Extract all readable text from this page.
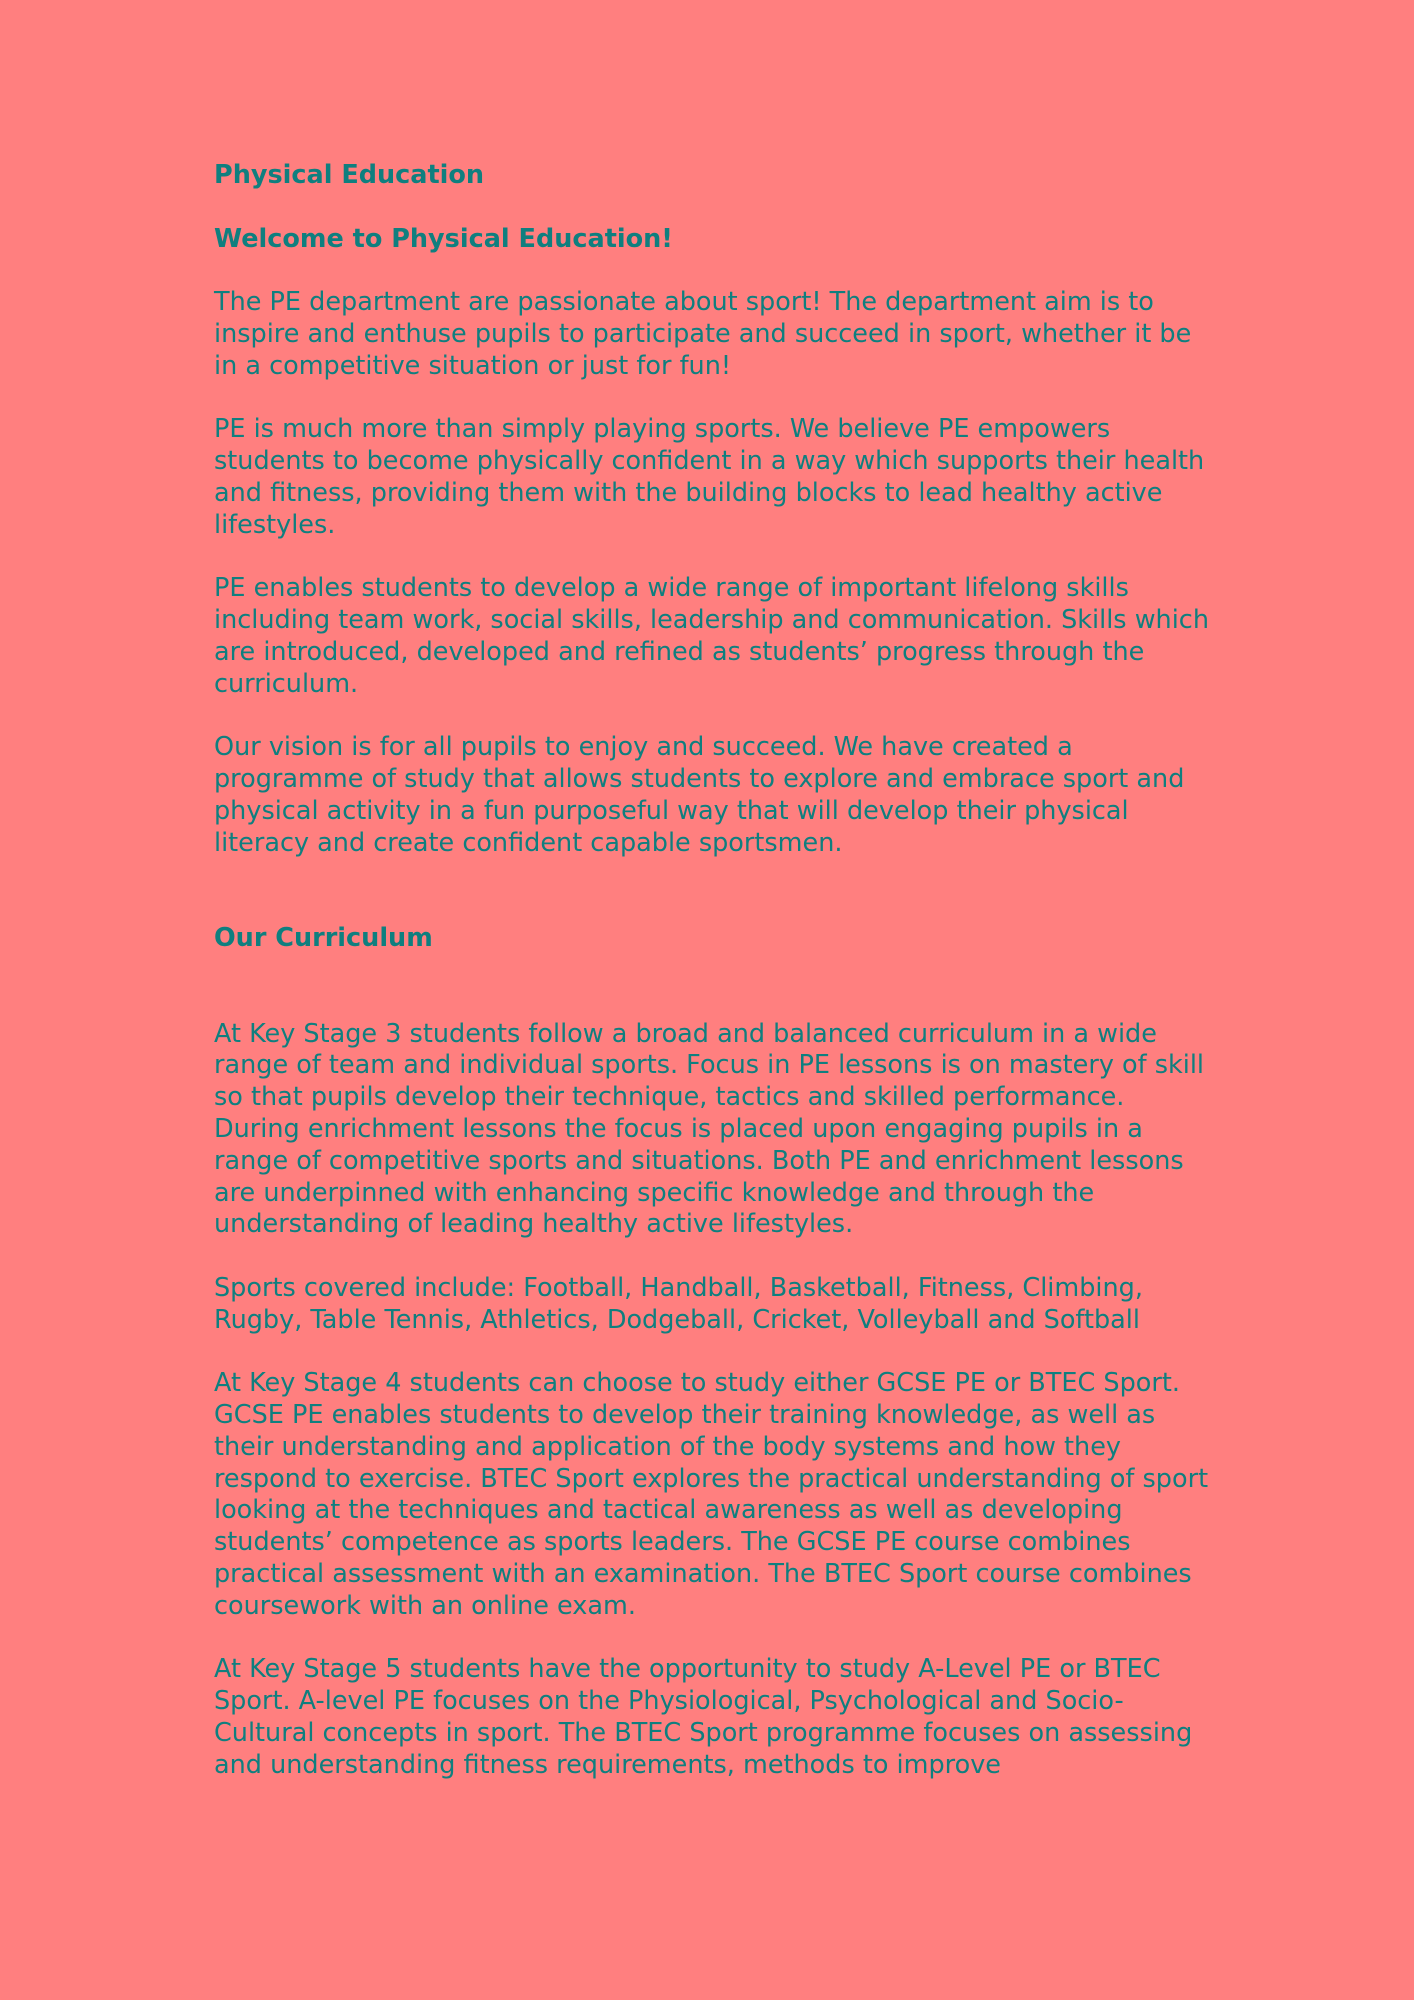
Physical Education
Welcome to Physical Education!

The PE department are passionate about sport! The department aim is to inspire and enthuse pupils to participate and succeed in sport, whether it be in a competitive situation or just for fun!

PE is much more than simply playing sports. We believe PE empowers students to become physically confident in a way which supports their health and fitness, providing them with the building blocks to lead healthy active lifestyles.

PE enables students to develop a wide range of important lifelong skills including team work, social skills, leadership and communication. Skills which are introduced, developed and refined as students’ progress through the curriculum.

Our vision is for all pupils to enjoy and succeed. We have created a programme of study that allows students to explore and embrace sport and physical activity in a fun purposeful way that will develop their physical literacy and create confident capable sportsmen.

Our Curriculum

At Key Stage 3 students follow a broad and balanced curriculum in a wide range of team and individual sports. Focus in PE lessons is on mastery of skill so that pupils develop their technique, tactics and skilled performance. During enrichment lessons the focus is placed upon engaging pupils in a range of competitive sports and situations. Both PE and enrichment lessons are underpinned with enhancing specific knowledge and through the understanding of leading healthy active lifestyles.

Sports covered include: Football, Handball, Basketball, Fitness, Climbing, Rugby, Table Tennis, Athletics, Dodgeball, Cricket, Volleyball and Softball

At Key Stage 4 students can choose to study either GCSE PE or BTEC Sport. GCSE PE enables students to develop their training knowledge, as well as their understanding and application of the body systems and how they respond to exercise. BTEC Sport explores the practical understanding of sport looking at the techniques and tactical awareness as well as developing students’ competence as sports leaders. The GCSE PE course combines practical assessment with an examination. The BTEC Sport course combines coursework with an online exam.

At Key Stage 5 students have the opportunity to study A-Level PE or BTEC Sport. A-level PE focuses on the Physiological, Psychological and Socio-Cultural concepts in sport. The BTEC Sport programme focuses on assessing and understanding fitness requirements, methods to improve
